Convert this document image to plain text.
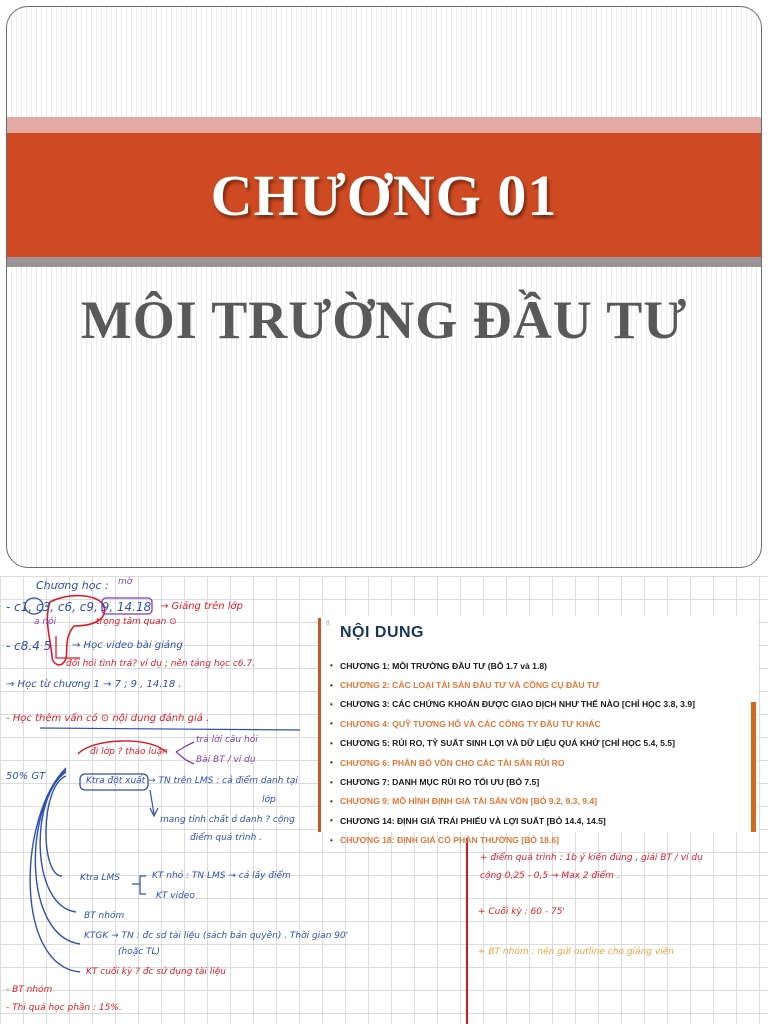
CHƯƠNG 01
MÔI TRƯỜNG ĐẦU TƯ
Chương học : mờ
- c1, c3, c6, c9, 9, 14.18 → Giảng trên lớp
a nói	trọng tâm quan ⊙
- c8.4 5 → Học video bài giảng
đối hỏi tình trả? ví dụ ; nền tảng học c6.7.
→ Học từ chương 1 → 7 ; 9 , 14.18 .
- Học thêm vấn có ⊙ nội dung đánh giá .
đi lớp ? thảo luận
trả lời câu hỏi
Bài BT / ví dụ
50% GT	Ktra đột xuất → TN trên LMS : cả điểm danh tại
lớp
mang tính chất ở danh ? cộng
điểm quá trình .
Ktra LMS	KT nhỏ : TN LMS → cả lấy điểm
KT video
BT nhóm
KTGK → TN : đc sd tài liệu (sách bản quyền) . Thời gian 90'
(hoặc TL)
KT cuối kỳ ? đc sử dụng tài liệu
- BT nhóm
- Thi quá học phần : 15%.
+ điểm quá trình : 1b ý kiến đúng , giải BT / ví dụ
cộng 0,25 - 0,5 → Max 2 điểm .
+ Cuối kỳ : 60 - 75'
+ BT nhóm : nên gửi outline cho giảng viên
tt
NỘI DUNG
• CHƯƠNG 1: MÔI TRƯỜNG ĐẦU TƯ (BÔ 1.7 và 1.8)
• CHƯƠNG 2: CÁC LOẠI TÀI SẢN ĐẦU TƯ VÀ CÔNG CỤ ĐẦU TƯ
• CHƯƠNG 3: CÁC CHỨNG KHOÁN ĐƯỢC GIAO DỊCH NHƯ THẾ NÀO [CHỈ HỌC 3.8, 3.9]
• CHƯƠNG 4: QUỸ TƯƠNG HỖ VÀ CÁC CÔNG TY ĐẦU TƯ KHÁC
• CHƯƠNG 5: RỦI RO, TỶ SUẤT SINH LỢI VÀ DỮ LIỆU QUÁ KHỨ [CHỈ HỌC 5.4, 5.5]
• CHƯƠNG 6: PHÂN BỔ VỐN CHO CÁC TÀI SẢN RỦI RO
• CHƯƠNG 7: DANH MỤC RỦI RO TỐI ƯU [BỎ 7.5]
• CHƯƠNG 9: MÔ HÌNH ĐỊNH GIÁ TÀI SẢN VỐN [BỎ 9.2, 9.3, 9.4]
• CHƯƠNG 14: ĐỊNH GIÁ TRÁI PHIẾU VÀ LỢI SUẤT [BỎ 14.4, 14.5]
• CHƯƠNG 18: ĐỊNH GIÁ CỔ PHẦN THƯỜNG [BỎ 18.6]
